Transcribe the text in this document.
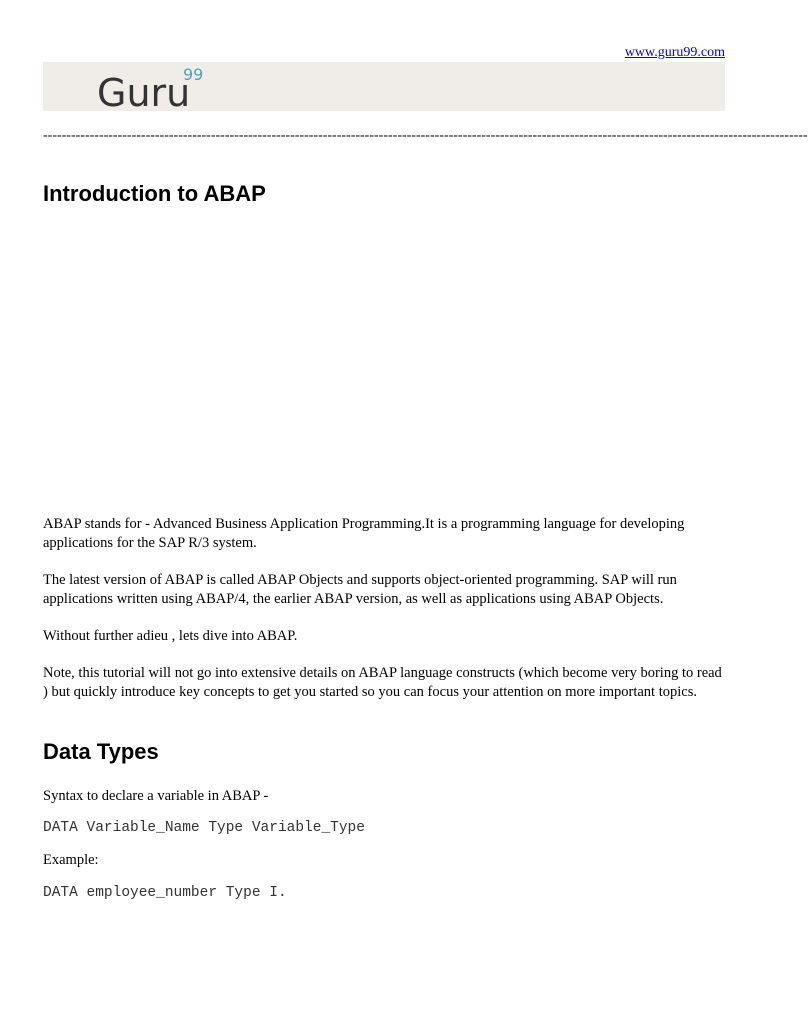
www.guru99.com
Guru
99
--------------------------------------------------------------------------------------------------------------------------------------------------------------------
Introduction to ABAP

ABAP stands for - Advanced Business Application Programming.It is a programming language for developing applications for the SAP R/3 system.

The latest version of ABAP is called ABAP Objects and supports object-oriented programming. SAP will run applications written using ABAP/4, the earlier ABAP version, as well as applications using ABAP Objects.

Without further adieu , lets dive into ABAP.

Note, this tutorial will not go into extensive details on ABAP language constructs (which become very boring to read ) but quickly introduce key concepts to get you started so you can focus your attention on more important topics.

Data Types

Syntax to declare a variable in ABAP -

DATA Variable_Name Type Variable_Type

Example:

DATA employee_number Type I.
